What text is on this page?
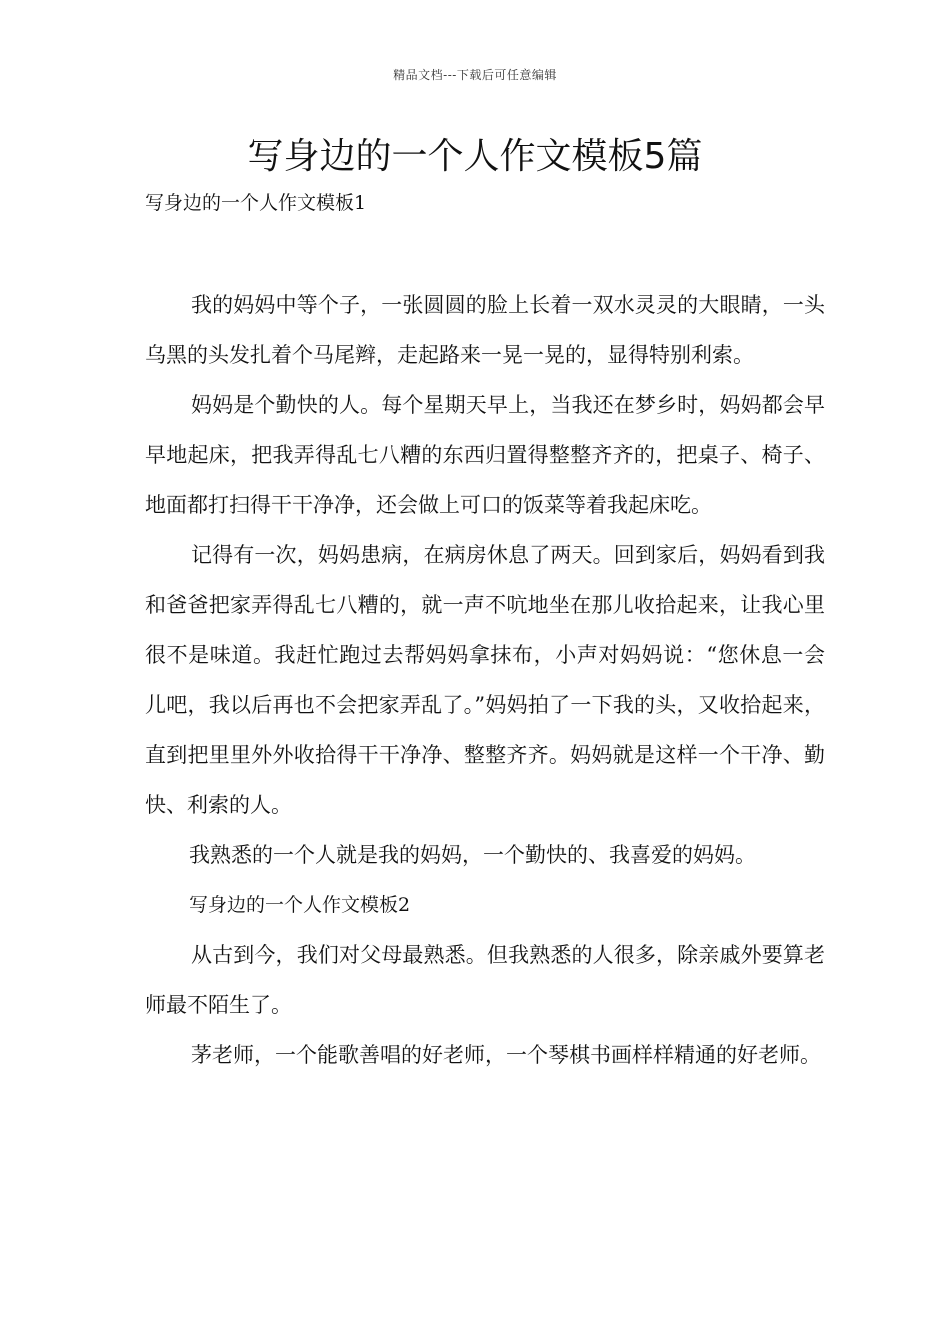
精品文档---下载后可任意编辑
写身边的一个人作文模板5篇
写身边的一个人作文模板1

我的妈妈中等个子，一张圆圆的脸上长着一双水灵灵的大眼睛，一头乌黑的头发扎着个马尾辫，走起路来一晃一晃的，显得特别利索。

妈妈是个勤快的人。每个星期天早上，当我还在梦乡时，妈妈都会早早地起床，把我弄得乱七八糟的东西归置得整整齐齐的，把桌子、椅子、地面都打扫得干干净净，还会做上可口的饭菜等着我起床吃。

记得有一次，妈妈患病，在病房休息了两天。回到家后，妈妈看到我和爸爸把家弄得乱七八糟的，就一声不吭地坐在那儿收拾起来，让我心里很不是味道。我赶忙跑过去帮妈妈拿抹布，小声对妈妈说：“您休息一会儿吧，我以后再也不会把家弄乱了。”妈妈拍了一下我的头，又收拾起来，直到把里里外外收拾得干干净净、整整齐齐。妈妈就是这样一个干净、勤快、利索的人。

我熟悉的一个人就是我的妈妈，一个勤快的、我喜爱的妈妈。

写身边的一个人作文模板2

从古到今，我们对父母最熟悉。但我熟悉的人很多，除亲戚外要算老师最不陌生了。

茅老师，一个能歌善唱的好老师，一个琴棋书画样样精通的好老师。
